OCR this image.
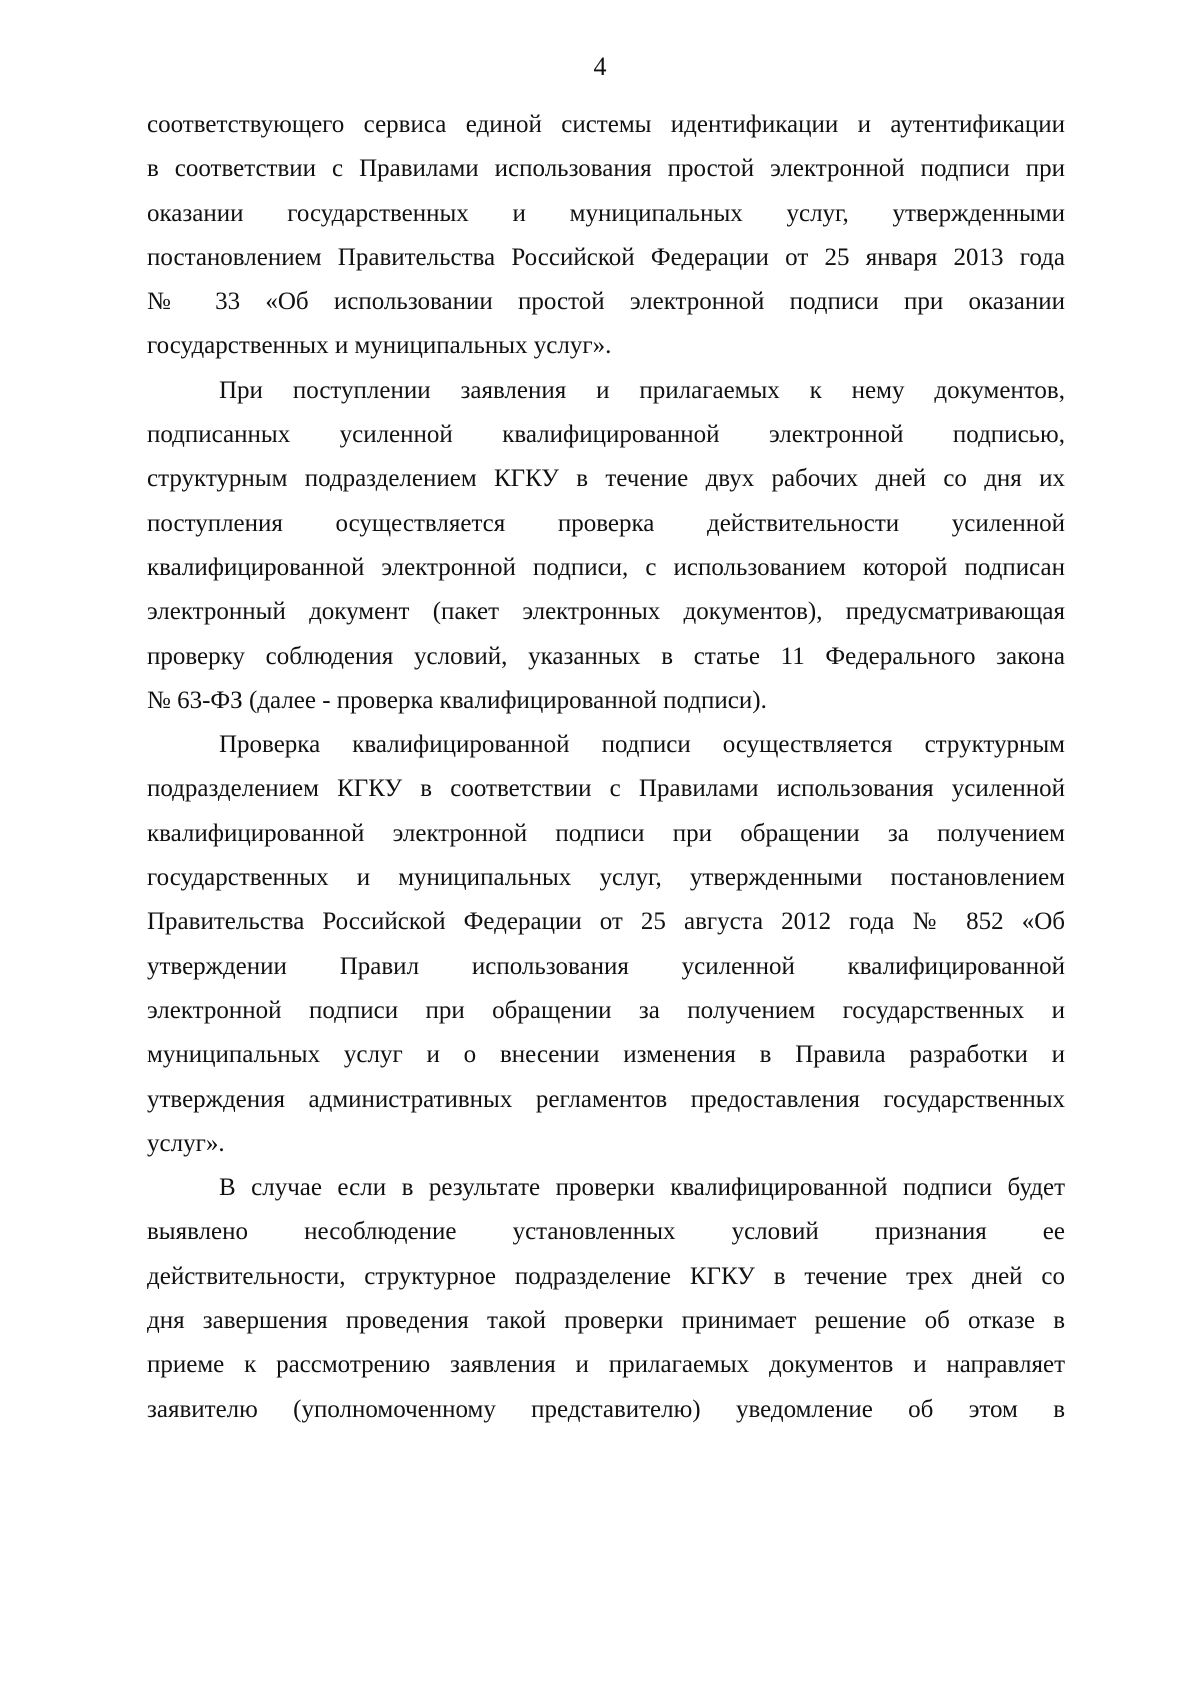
4
соответствующего сервиса единой системы идентификации и аутентификации
в соответствии с Правилами использования простой электронной подписи при
оказании государственных и муниципальных услуг, утвержденными
постановлением Правительства Российской Федерации от 25 января 2013 года
№ 33 «Об использовании простой электронной подписи при оказании
государственных и муниципальных услуг».
При поступлении заявления и прилагаемых к нему документов,
подписанных усиленной квалифицированной электронной подписью,
структурным подразделением КГКУ в течение двух рабочих дней со дня их
поступления осуществляется проверка действительности усиленной
квалифицированной электронной подписи, с использованием которой подписан
электронный документ (пакет электронных документов), предусматривающая
проверку соблюдения условий, указанных в статье 11 Федерального закона
№ 63-ФЗ (далее - проверка квалифицированной подписи).
Проверка квалифицированной подписи осуществляется структурным
подразделением КГКУ в соответствии с Правилами использования усиленной
квалифицированной электронной подписи при обращении за получением
государственных и муниципальных услуг, утвержденными постановлением
Правительства Российской Федерации от 25 августа 2012 года № 852 «Об
утверждении Правил использования усиленной квалифицированной
электронной подписи при обращении за получением государственных и
муниципальных услуг и о внесении изменения в Правила разработки и
утверждения административных регламентов предоставления государственных
услуг».
В случае если в результате проверки квалифицированной подписи будет
выявлено несоблюдение установленных условий признания ее
действительности, структурное подразделение КГКУ в течение трех дней со
дня завершения проведения такой проверки принимает решение об отказе в
приеме к рассмотрению заявления и прилагаемых документов и направляет
заявителю (уполномоченному представителю) уведомление об этом в
